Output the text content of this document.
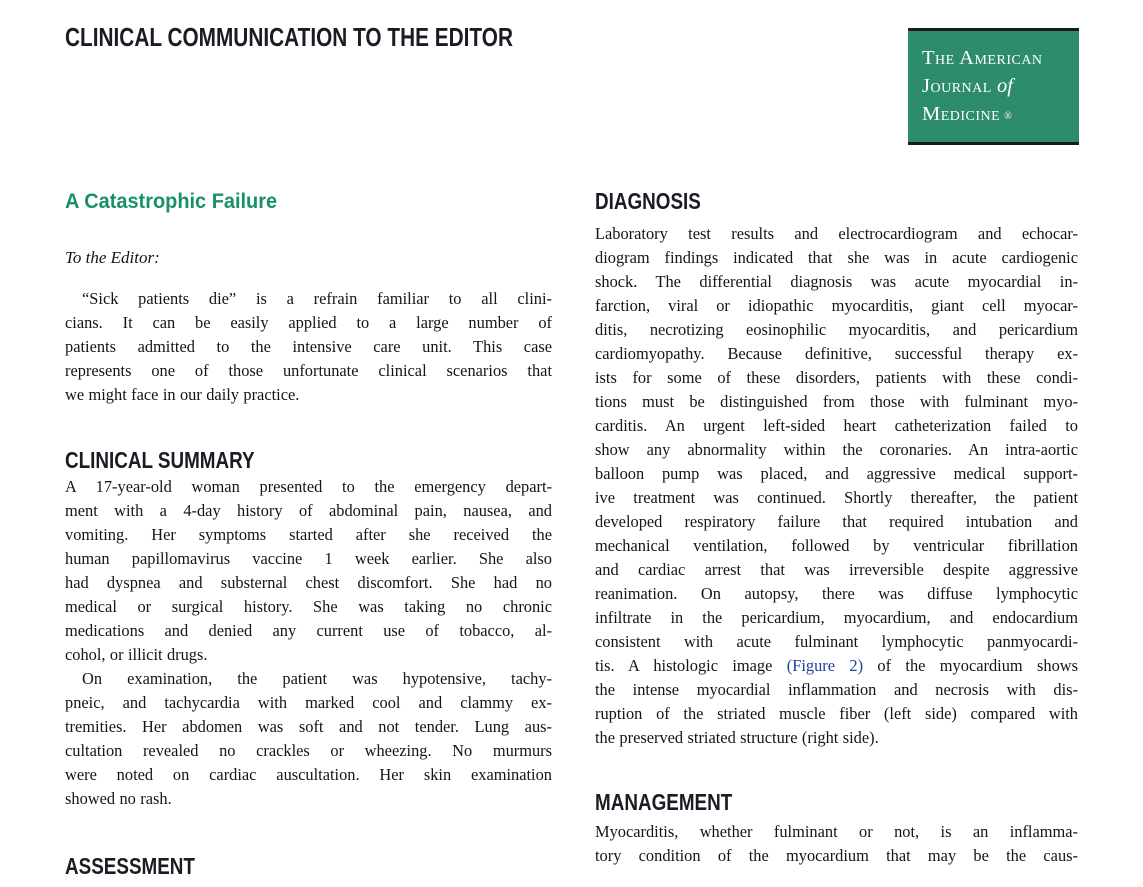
CLINICAL COMMUNICATION TO THE EDITOR
The American
Journal of
Medicine ®
A Catastrophic Failure
To the Editor:
“Sick patients die” is a refrain familiar to all clini-
cians. It can be easily applied to a large number of
patients admitted to the intensive care unit. This case
represents one of those unfortunate clinical scenarios that
we might face in our daily practice.
CLINICAL SUMMARY
A 17-year-old woman presented to the emergency depart-
ment with a 4-day history of abdominal pain, nausea, and
vomiting. Her symptoms started after she received the
human papillomavirus vaccine 1 week earlier. She also
had dyspnea and substernal chest discomfort. She had no
medical or surgical history. She was taking no chronic
medications and denied any current use of tobacco, al-
cohol, or illicit drugs.
On examination, the patient was hypotensive, tachy-
pneic, and tachycardia with marked cool and clammy ex-
tremities. Her abdomen was soft and not tender. Lung aus-
cultation revealed no crackles or wheezing. No murmurs
were noted on cardiac auscultation. Her skin examination
showed no rash.
ASSESSMENT
DIAGNOSIS
Laboratory test results and electrocardiogram and echocar-
diogram findings indicated that she was in acute cardiogenic
shock. The differential diagnosis was acute myocardial in-
farction, viral or idiopathic myocarditis, giant cell myocar-
ditis, necrotizing eosinophilic myocarditis, and pericardium
cardiomyopathy. Because definitive, successful therapy ex-
ists for some of these disorders, patients with these condi-
tions must be distinguished from those with fulminant myo-
carditis. An urgent left-sided heart catheterization failed to
show any abnormality within the coronaries. An intra-aortic
balloon pump was placed, and aggressive medical support-
ive treatment was continued. Shortly thereafter, the patient
developed respiratory failure that required intubation and
mechanical ventilation, followed by ventricular fibrillation
and cardiac arrest that was irreversible despite aggressive
reanimation. On autopsy, there was diffuse lymphocytic
infiltrate in the pericardium, myocardium, and endocardium
consistent with acute fulminant lymphocytic panmyocardi-
tis. A histologic image (Figure 2) of the myocardium shows
the intense myocardial inflammation and necrosis with dis-
ruption of the striated muscle fiber (left side) compared with
the preserved striated structure (right side).
MANAGEMENT
Myocarditis, whether fulminant or not, is an inflamma-
tory condition of the myocardium that may be the caus-
